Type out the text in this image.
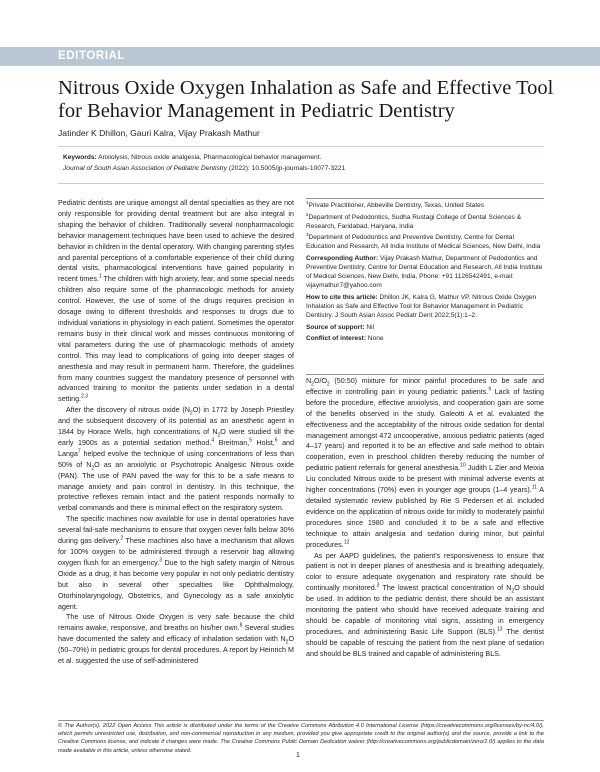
EDITORIAL
Nitrous Oxide Oxygen Inhalation as Safe and Effective Tool for Behavior Management in Pediatric Dentistry
Jatinder K Dhillon, Gauri Kalra, Vijay Prakash Mathur
Keywords: Anxiolysis, Nitrous oxide analgesia, Pharmacological behavior management.
Journal of South Asian Association of Pediatric Dentistry (2022): 10.5005/jp-journals-10077-3221

Pediatric dentists are unique amongst all dental specialties as they are not only responsible for providing dental treatment but are also integral in shaping the behavior of children. Traditionally several nonpharmacologic behavior management techniques have been used to achieve the desired behavior in children in the dental operatory. With changing parenting styles and parental perceptions of a comfortable experience of their child during dental visits, pharmacological interventions have gained popularity in recent times.$^1$ The children with high anxiety, fear, and some special needs children also require some of the pharmacologic methods for anxiety control. However, the use of some of the drugs requires precision in dosage owing to different thresholds and responses to drugs due to individual variations in physiology in each patient. Sometimes the operator remains busy in their clinical work and misses continuous monitoring of vital parameters during the use of pharmacologic methods of anxiety control. This may lead to complications of going into deeper stages of anesthesia and may result in permanent harm. Therefore, the guidelines from many countries suggest the mandatory presence of personnel with advanced training to monitor the patients under sedation in a dental setting.$^{2,3}$

After the discovery of nitrous oxide $(N_2O)$ in 1772 by Joseph Priestley and the subsequent discovery of its potential as an anesthetic agent in 1844 by Horace Wells, high concentrations of $N_2O$ were studied till the early 1900s as a potential sedation method.$^4$ Breitman,$^5$ Holst,$^6$ and Langa$^7$ helped evolve the technique of using concentrations of less than 50% of $N_2O$ as an anxiolytic or Psychotropic Analgesic Nitrous oxide (PAN). The use of PAN paved the way for this to be a safe means to manage anxiety and pain control in dentistry. In this technique, the protective reflexes remain intact and the patient responds normally to verbal commands and there is minimal effect on the respiratory system.

The specific machines now available for use in dental operatories have several fail-safe mechanisms to ensure that oxygen never falls below 30% during gas delivery.$^2$ These machines also have a mechanism that allows for 100% oxygen to be administered through a reservoir bag allowing oxygen flush for an emergency.$^3$ Due to the high safety margin of Nitrous Oxide as a drug, it has become very popular in not only pediatric dentistry but also in several other specialties like Ophthalmology, Otorhinolaryngology, Obstetrics, and Gynecology as a safe anxiolytic agent.

The use of Nitrous Oxide Oxygen is very safe because the child remains awake, responsive, and breaths on his/her own.$^8$ Several studies have documented the safety and efficacy of inhalation sedation with $N_2O$ (50–70%) in pediatric groups for dental procedures. A report by Heinrich M et al. suggested the use of self-administered

$^1$Private Practitioner, Abbeville Dentistry, Texas, United States

$^2$Department of Pedodontics, Sudha Rustagi College of Dental Sciences & Research, Faridabad, Haryana, India

$^3$Department of Pedodontics and Preventive Dentistry, Centre for Dental Education and Research, All India Institute of Medical Sciences, New Delhi, India

Corresponding Author: Vijay Prakash Mathur, Department of Pedodontics and Preventive Dentistry, Centre for Dental Education and Research, All India Institute of Medical Sciences, New Delhi, India, Phone: +91 1126542491, e-mail: vijaymathur7@yahoo.com

How to cite this article: Dhillon JK, Kalra G, Mathur VP. Nitrous Oxide Oxygen Inhalation as Safe and Effective Tool for Behavior Management in Pediatric Dentistry. J South Asian Assoc Pediatr Dent 2022;5(1):1–2.

Source of support: Nil

Conflict of interest: None

$N_2O/O_2$ (50:50) mixture for minor painful procedures to be safe and effective in controlling pain in young pediatric patients.$^9$ Lack of fasting before the procedure, effective anxiolysis, and cooperation gain are some of the benefits observed in the study. Galeotti A et al. evaluated the effectiveness and the acceptability of the nitrous oxide sedation for dental management amongst 472 uncooperative, anxious pediatric patients (aged 4–17 years) and reported it to be an effective and safe method to obtain cooperation, even in preschool children thereby reducing the number of pediatric patient referrals for general anesthesia.$^{10}$ Judith L Zier and Meixia Liu concluded Nitrous oxide to be present with minimal adverse events at higher concentrations (70%) even in younger age groups (1–4 years).$^{11}$ A detailed systematic review published by Rie S Pedersen et al. included evidence on the application of nitrous oxide for mildly to moderately painful procedures since 1980 and concluded it to be a safe and effective technique to attain analgesia and sedation during minor, but painful procedures.$^{12}$

As per AAPD guidelines, the patient’s responsiveness to ensure that patient is not in deeper planes of anesthesia and is breathing adequately, color to ensure adequate oxygenation and respiratory rate should be continually monitored.$^3$ The lowest practical concentration of $N_2O$ should be used. In addition to the pediatric dentist, there should be an assistant monitoring the patient who should have received adequate training and should be capable of monitoring vital signs, assisting in emergency procedures, and administering Basic Life Support (BLS).$^{13}$ The dentist should be capable of rescuing the patient from the next plane of sedation and should be BLS trained and capable of administering BLS.

© The Author(s). 2022 Open Access This article is distributed under the terms of the Creative Commons Attribution 4.0 International License (https://creativecommons.org/licenses/by-nc/4.0/), which permits unrestricted use, distribution, and non-commercial reproduction in any medium, provided you give appropriate credit to the original author(s) and the source, provide a link to the Creative Commons license, and indicate if changes were made. The Creative Commons Public Domain Dedication waiver (http://creativecommons.org/publicdomain/zero/1.0/) applies to the data made available in this article, unless otherwise stated.
1
